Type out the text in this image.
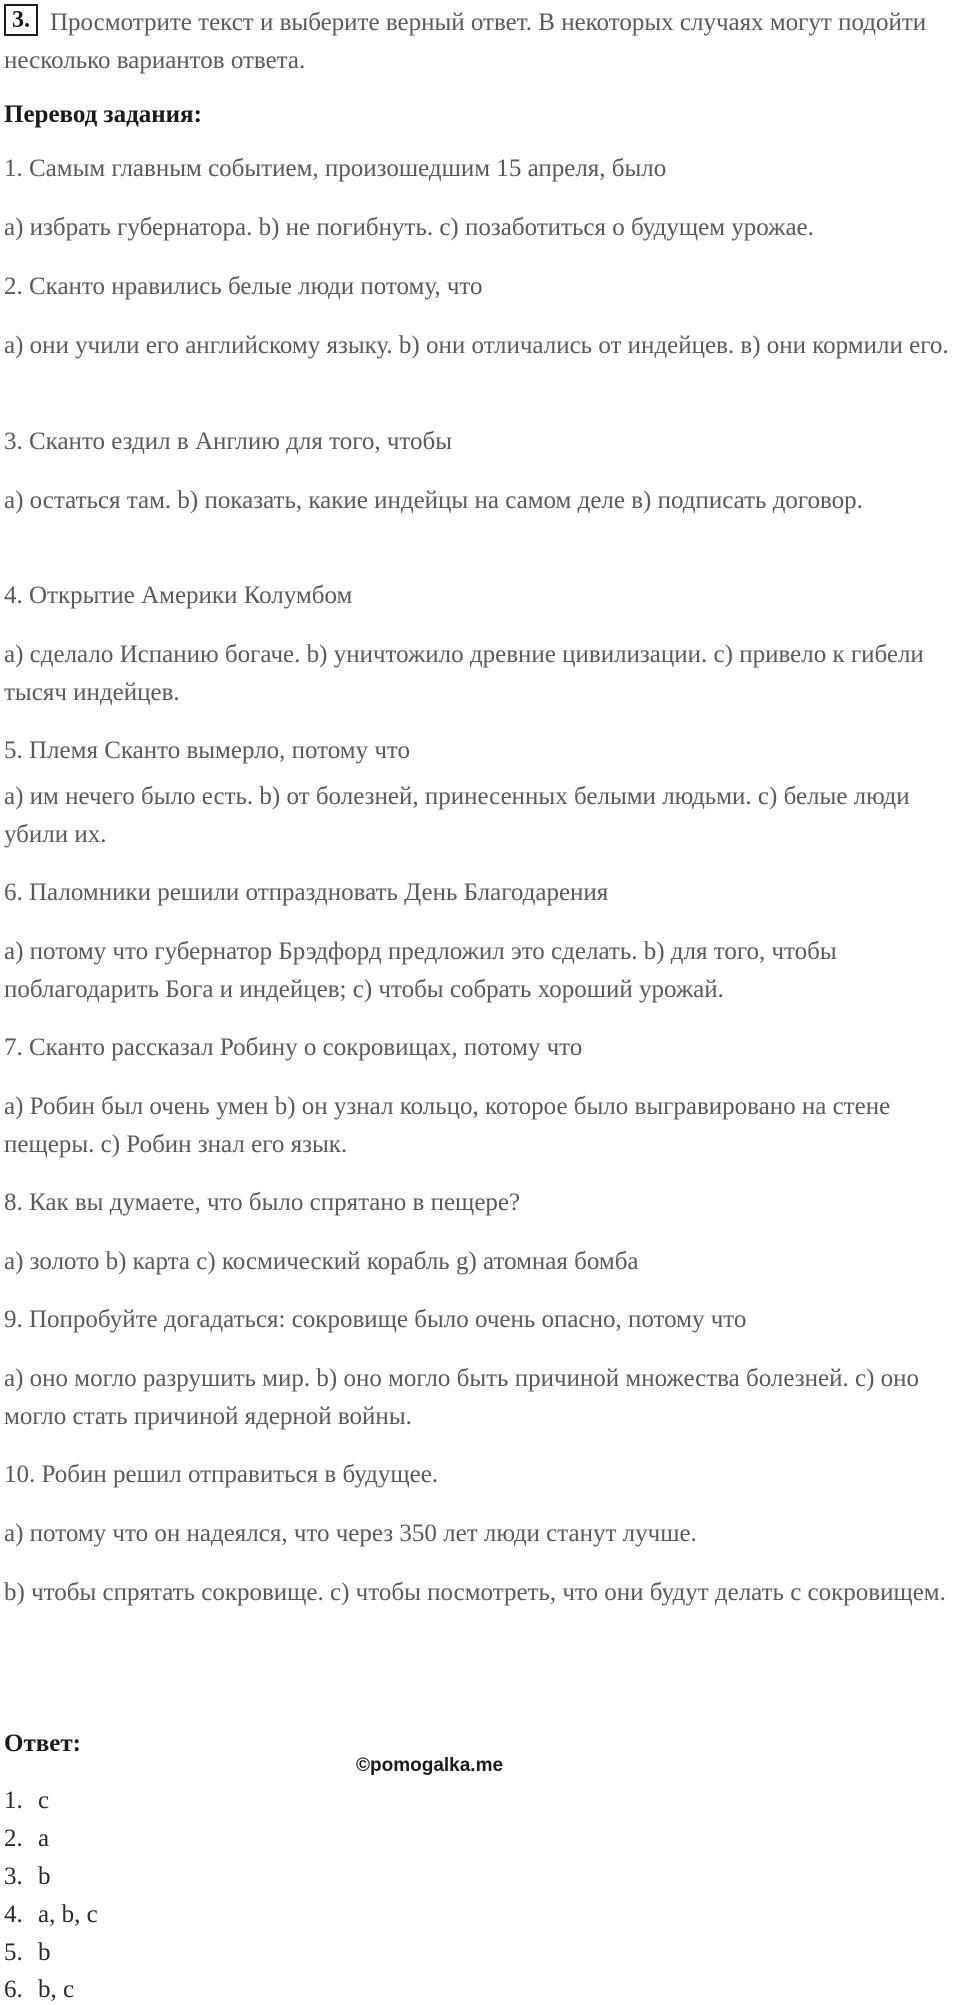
3. Просмотрите текст и выберите верный ответ. В некоторых случаях могут подойти несколько вариантов ответа.
Перевод задания:
1. Самым главным событием, произошедшим 15 апреля, было
a) избрать губернатора. b) не погибнуть. c) позаботиться о будущем урожае.
2. Сканто нравились белые люди потому, что
a) они учили его английскому языку. b) они отличались от индейцев. в) они кормили его.
3. Сканто ездил в Англию для того, чтобы
a) остаться там. b) показать, какие индейцы на самом деле в) подписать договор.
4. Открытие Америки Колумбом
a) сделало Испанию богаче. b) уничтожило древние цивилизации. c) привело к гибели тысяч индейцев.
5. Племя Сканто вымерло, потому что
a) им нечего было есть. b) от болезней, принесенных белыми людьми. c) белые люди убили их.
6. Паломники решили отпраздновать День Благодарения
a) потому что губернатор Брэдфорд предложил это сделать. b) для того, чтобы поблагодарить Бога и индейцев; c) чтобы собрать хороший урожай.
7. Сканто рассказал Робину о сокровищах, потому что
a) Робин был очень умен b) он узнал кольцо, которое было выгравировано на стене пещеры. c) Робин знал его язык.
8. Как вы думаете, что было спрятано в пещере?
a) золото b) карта c) космический корабль g) атомная бомба
9. Попробуйте догадаться: сокровище было очень опасно, потому что
a) оно могло разрушить мир. b) оно могло быть причиной множества болезней. c) оно могло стать причиной ядерной войны.
10. Робин решил отправиться в будущее.
a) потому что он надеялся, что через 350 лет люди станут лучше.
b) чтобы спрятать сокровище. c) чтобы посмотреть, что они будут делать с сокровищем.
Ответ:
©pomogalka.me
1. c
2. a
3. b
4. a, b, c
5. b
6. b, c
